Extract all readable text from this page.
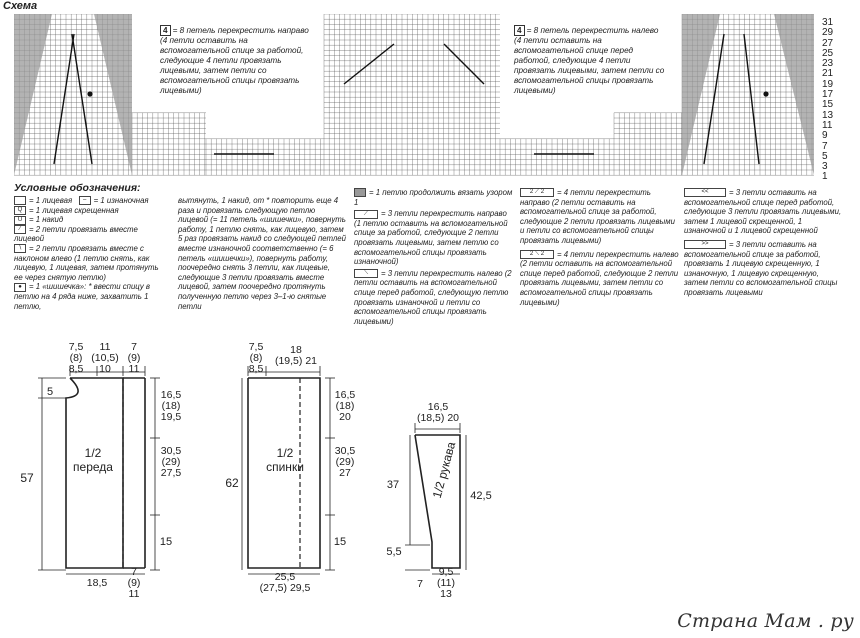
Схема
31
29
27
25
23
21
19
17
15
13
11
9
7
5
3
1
4 = 8 петель перекрестить направо (4 петли оставить на вспомогательной спице за работой, следующие 4 петли провязать лицевыми, затем петли со вспомогательной спицы провязать лицевыми)
4 = 8 петель перекрестить налево (4 петли оставить на вспомогательной спице перед работой, следующие 4 петли провязать лицевыми, затем петли со вспомогательной спицы провязать лицевыми)
Условные обозначения:
= 1 лицевая – = 1 изнаночная
Q = 1 лицевая скрещенная
U = 1 накид
∕ = 2 петли провязать вместе лицевой
∖ = 2 петли провязать вместе с наклоном влево (1 петлю снять, как лицевую, 1 лицевая, затем протянуть ее через снятую петлю)
● = 1 «шишечка»: * ввести спицу в петлю на 4 ряда ниже, захватить 1 петлю,
вытянуть, 1 накид, от * повторить еще 4 раза и провязать следующую петлю лицевой (= 11 петель «шишечки», повернуть работу, 1 петлю снять, как лицевую, затем 5 раз провязать накид со следующей петлей вместе изнаночной соответственно (= 6 петель «шишечки»), повернуть работу, поочередно снять 3 петли, как лицевые, следующие 3 петли провязать вместе лицевой, затем поочередно протянуть полученную петлю через 3–1-ю снятые петли
= 1 петлю продолжить вязать узором 1
⟋ = 3 петли перекрестить направо (1 петлю оставить на вспомогательной спице за работой, следующие 2 петли провязать лицевыми, затем петлю со вспомогательной спицы провязать изнаночной)
⟍ = 3 петли перекрестить налево (2 петли оставить на вспомогательной спице перед работой, следующую петлю провязать изнаночной и петли со вспомогательной спицы провязать лицевыми)
2 ⟋ 2 = 4 петли перекрестить направо (2 петли оставить на вспомогательной спице за работой, следующие 2 петли провязать лицевыми и петли со вспомогательной спицы провязать лицевыми)
2 ⟍ 2 = 4 петли перекрестить налево (2 петли оставить на вспомогательной спице перед работой, следующие 2 петли провязать лицевыми, затем петли со вспомогательной спицы провязать лицевыми)
<<	= 3 петли оставить на вспомогательной спице перед работой, следующие 3 петли провязать лицевыми, затем 1 лицевой скрещенной, 1 изнаночной и 1 лицевой скрещенной
>>	= 3 петли оставить на вспомогательной спице за работой, провязать 1 лицевую скрещенную, 1 изнаночную, 1 лицевую скрещенную, затем петли со вспомогательной спицы провязать лицевыми
7,5
(8)
8,5
11
(10,5)
10
7
(9)
11
5	16,5
(18)
19,5
30,5
(29)
27,5
15
57
1/2
переда
18,5
7
(9)
11
7,5
(8)
8,5
18
(19,5) 21
16,5
(18)
20
30,5
(29)
27
15
62
1/2
спинки
25,5
(27,5) 29,5
16,5
(18,5) 20
37
42,5
5,5
1/2 рукава
7
9,5
(11)
13
Страна Мам . ру
